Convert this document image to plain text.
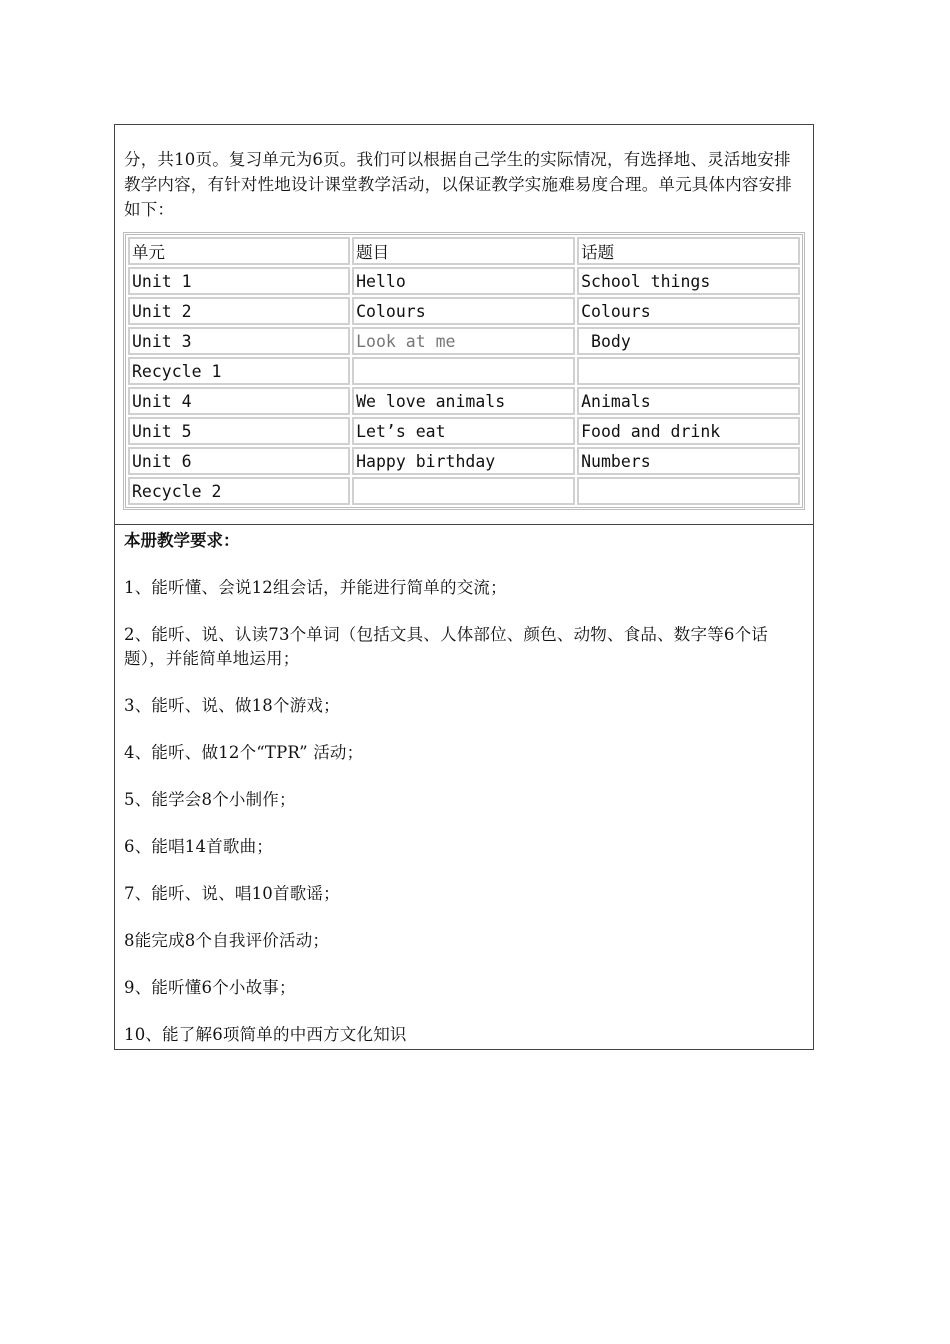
分，共10页。复习单元为6页。我们可以根据自己学生的实际情况，有选择地、灵活地安排教学内容，有针对性地设计课堂教学活动，以保证教学实施难易度合理。单元具体内容安排如下：

单元	题目	话题
Unit 1	Hello	School things
Unit 2	Colours	Colours
Unit 3	Look at me	Body
Recycle 1		
Unit 4	We love animals	Animals
Unit 5	Let’s eat	Food and drink
Unit 6	Happy birthday	Numbers
Recycle 2		

本册教学要求：

1、能听懂、会说12组会话，并能进行简单的交流；

2、能听、说、认读73个单词（包括文具、人体部位、颜色、动物、食品、数字等6个话题），并能简单地运用；

3、能听、说、做18个游戏；

4、能听、做12个“TPR” 活动；

5、能学会8个小制作；

6、能唱14首歌曲；

7、能听、说、唱10首歌谣；

8能完成8个自我评价活动；

9、能听懂6个小故事；

10、能了解6项简单的中西方文化知识
